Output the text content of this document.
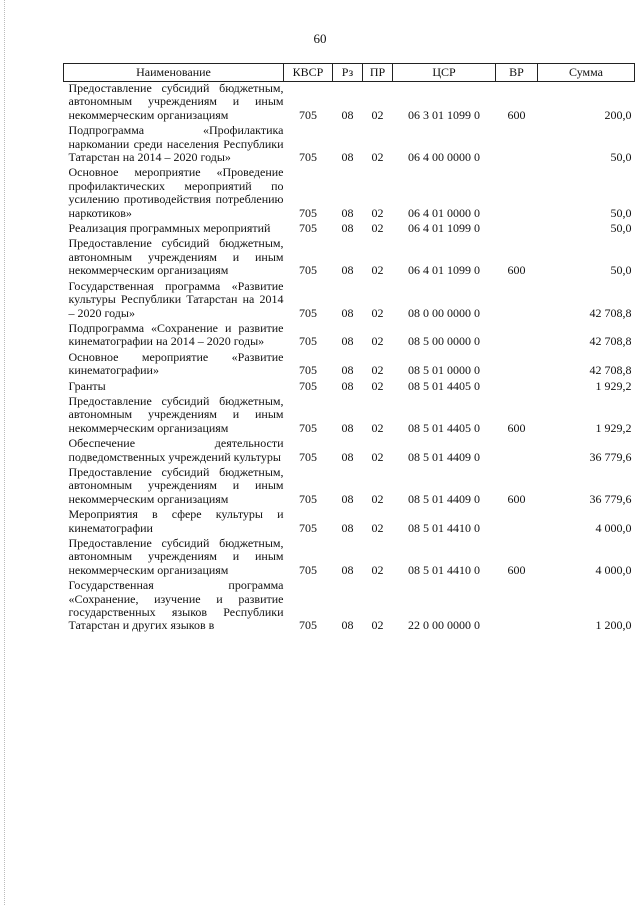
60
Наименование	КВСР	Рз	ПР	ЦСР	ВР	Сумма
Предоставление субсидий бюджетным, автономным учреждениям и иным некоммерческим организациям	705	08	02	06 3 01 1099 0	600	200,0
Подпрограмма «Профилактика наркомании среди населения Республики Татарстан на 2014 – 2020 годы»	705	08	02	06 4 00 0000 0		50,0
Основное мероприятие «Проведение профилактических мероприятий по усилению противодействия потреблению наркотиков»	705	08	02	06 4 01 0000 0		50,0
Реализация программных мероприятий	705	08	02	06 4 01 1099 0		50,0
Предоставление субсидий бюджетным, автономным учреждениям и иным некоммерческим организациям	705	08	02	06 4 01 1099 0	600	50,0
Государственная программа «Развитие культуры Республики Татарстан на 2014 – 2020 годы»	705	08	02	08 0 00 0000 0		42 708,8
Подпрограмма «Сохранение и развитие кинематографии на 2014 – 2020 годы»	705	08	02	08 5 00 0000 0		42 708,8
Основное мероприятие «Развитие кинематографии»	705	08	02	08 5 01 0000 0		42 708,8
Гранты	705	08	02	08 5 01 4405 0		1 929,2
Предоставление субсидий бюджетным, автономным учреждениям и иным некоммерческим организациям	705	08	02	08 5 01 4405 0	600	1 929,2
Обеспечение деятельности подведомственных учреждений культуры	705	08	02	08 5 01 4409 0		36 779,6
Предоставление субсидий бюджетным, автономным учреждениям и иным некоммерческим организациям	705	08	02	08 5 01 4409 0	600	36 779,6
Мероприятия в сфере культуры и кинематографии	705	08	02	08 5 01 4410 0		4 000,0
Предоставление субсидий бюджетным, автономным учреждениям и иным некоммерческим организациям	705	08	02	08 5 01 4410 0	600	4 000,0
Государственная программа «Сохранение, изучение и развитие государственных языков Республики Татарстан и других языков в	705	08	02	22 0 00 0000 0		1 200,0
